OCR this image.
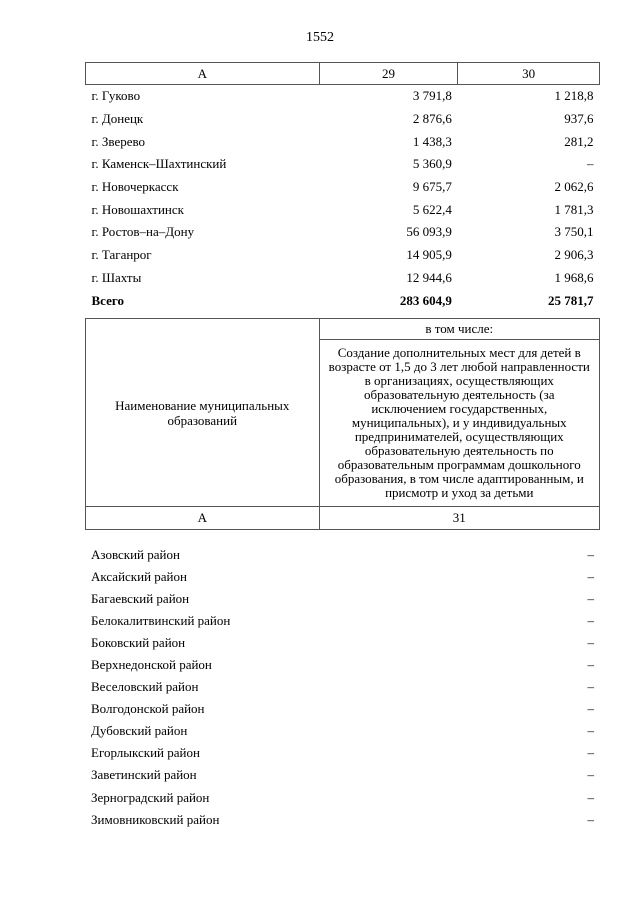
1552
А	29	30
г. Гуково	3 791,8	1 218,8
г. Донецк	2 876,6	937,6
г. Зверево	1 438,3	281,2
г. Каменск–Шахтинский	5 360,9	–
г. Новочеркасск	9 675,7	2 062,6
г. Новошахтинск	5 622,4	1 781,3
г. Ростов–на–Дону	56 093,9	3 750,1
г. Таганрог	14 905,9	2 906,3
г. Шахты	12 944,6	1 968,6
Всего	283 604,9	25 781,7
Наименование муниципальных образований	в том числе:
	Создание дополнительных мест для детей в возрасте от 1,5 до 3 лет любой направленности в организациях, осуществляющих образовательную деятельность (за исключением государственных, муниципальных), и у индивидуальных предпринимателей, осуществляющих образовательную деятельность по образовательным программам дошкольного образования, в том числе адаптированным, и присмотр и уход за детьми
А	31
Азовский район	–
Аксайский район	–
Багаевский район	–
Белокалитвинский район	–
Боковский район	–
Верхнедонской район	–
Веселовский район	–
Волгодонской район	–
Дубовский район	–
Егорлыкский район	–
Заветинский район	–
Зерноградский район	–
Зимовниковский район	–
